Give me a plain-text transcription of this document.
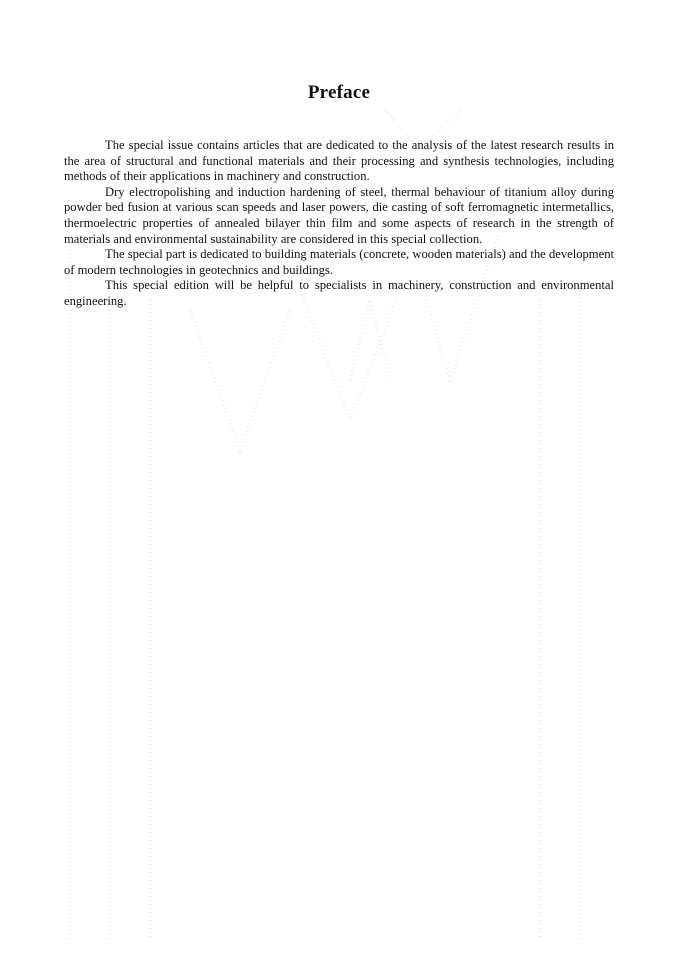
Preface

The special issue contains articles that are dedicated to the analysis of the latest research results in the area of structural and functional materials and their processing and synthesis technologies, including methods of their applications in machinery and construction.

Dry electropolishing and induction hardening of steel, thermal behaviour of titanium alloy during powder bed fusion at various scan speeds and laser powers, die casting of soft ferromagnetic intermetallics, thermoelectric properties of annealed bilayer thin film and some aspects of research in the strength of materials and environmental sustainability are considered in this special collection.

The special part is dedicated to building materials (concrete, wooden materials) and the development of modern technologies in geotechnics and buildings.

This special edition will be helpful to specialists in machinery, construction and environmental engineering.
